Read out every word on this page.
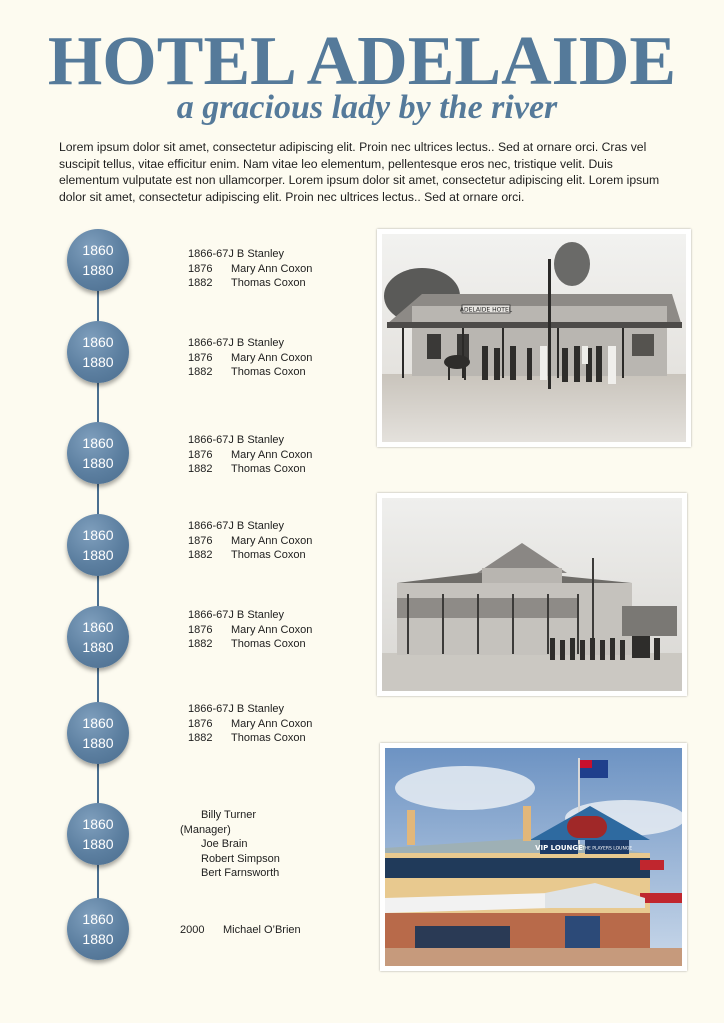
HOTEL ADELAIDE
a gracious lady by the river

Lorem ipsum dolor sit amet, consectetur adipiscing elit. Proin nec ultrices lectus.. Sed at ornare orci. Cras vel suscipit tellus, vitae efficitur enim. Nam vitae leo elementum, pellentesque eros nec, tristique velit. Duis elementum vulputate est non ullamcorper. Lorem ipsum dolor sit amet, consectetur adipiscing elit. Lorem ipsum dolor sit amet, consectetur adipiscing elit. Proin nec ultrices lectus.. Sed at ornare orci.

1860
1880
1860
1880
1860
1880
1860
1880
1860
1880
1860
1880
1860
1880
1860
1880
1866-67J B Stanley
1876 Mary Ann Coxon
1882 Thomas Coxon
1866-67J B Stanley
1876 Mary Ann Coxon
1882 Thomas Coxon
1866-67J B Stanley
1876 Mary Ann Coxon
1882 Thomas Coxon
1866-67J B Stanley
1876 Mary Ann Coxon
1882 Thomas Coxon
1866-67J B Stanley
1876 Mary Ann Coxon
1882 Thomas Coxon
1866-67J B Stanley
1876 Mary Ann Coxon
1882 Thomas Coxon
Billy Turner
(Manager)
Joe Brain
Robert Simpson
Bert Farnsworth
2000 Michael O’Brien
ADELAIDE HOTEL
VIP LOUNGE
THE PLAYERS LOUNGE
